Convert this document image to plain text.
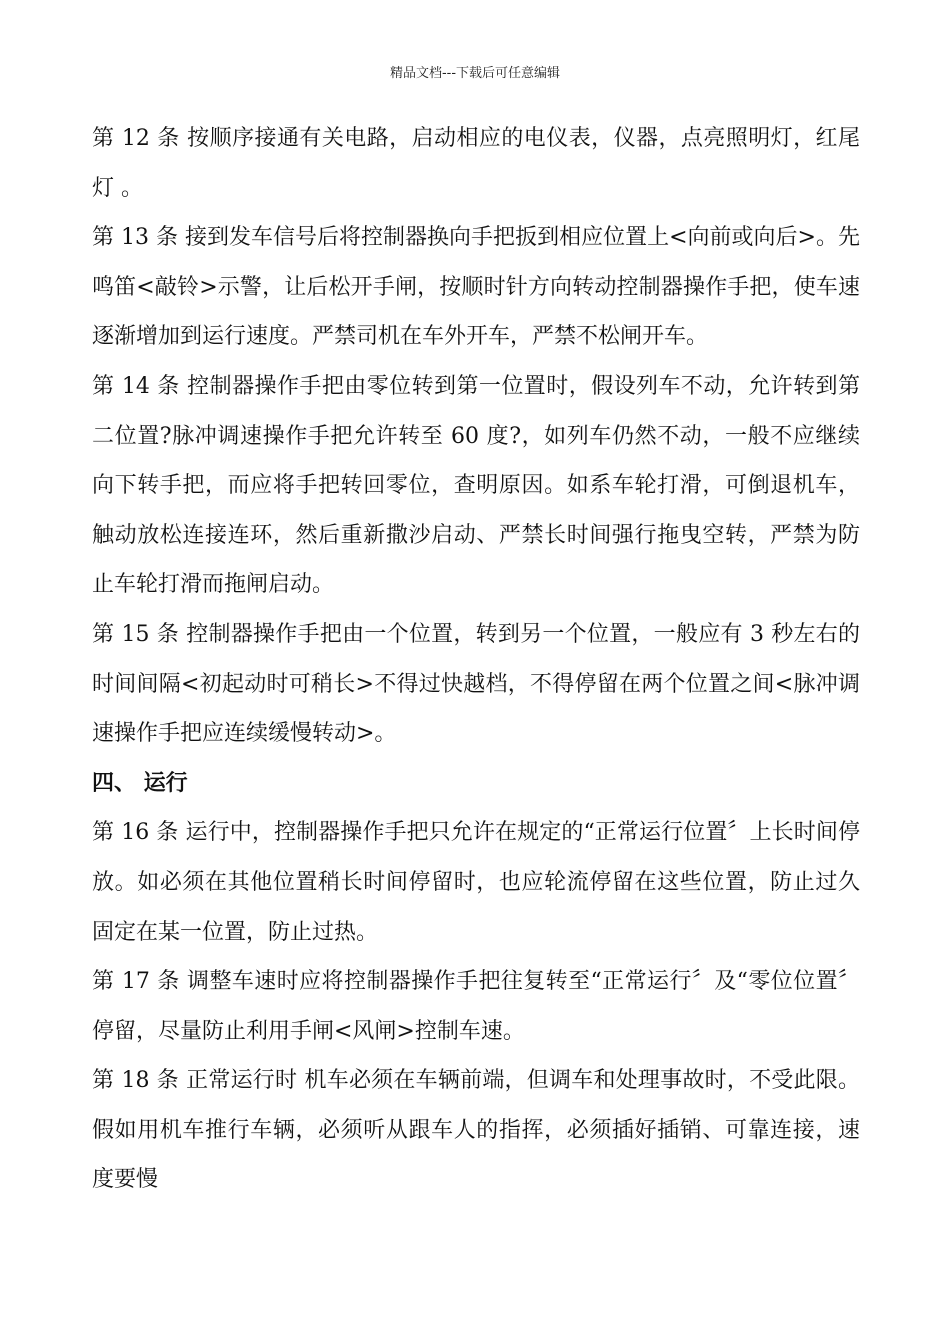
精品文档---下载后可任意编辑

第 12 条 按顺序接通有关电路，启动相应的电仪表，仪器，点亮照明灯，红尾灯 。

第 13 条 接到发车信号后将控制器换向手把扳到相应位置上<向前或向后>。先鸣笛<敲铃>示警，让后松开手闸，按顺时针方向转动控制器操作手把，使车速逐渐增加到运行速度。严禁司机在车外开车，严禁不松闸开车。

第 14 条 控制器操作手把由零位转到第一位置时，假设列车不动，允许转到第二位置?脉冲调速操作手把允许转至 60 度?，如列车仍然不动，一般不应继续向下转手把，而应将手把转回零位，查明原因。如系车轮打滑，可倒退机车，触动放松连接连环，然后重新撒沙启动、严禁长时间强行拖曳空转，严禁为防止车轮打滑而拖闸启动。

第 15 条 控制器操作手把由一个位置，转到另一个位置，一般应有 3 秒左右的时间间隔<初起动时可稍长>不得过快越档，不得停留在两个位置之间<脉冲调速操作手把应连续缓慢转动>。

四、 运行

第 16 条 运行中，控制器操作手把只允许在规定的“正常运行位置〞上长时间停放。如必须在其他位置稍长时间停留时，也应轮流停留在这些位置，防止过久固定在某一位置，防止过热。

第 17 条 调整车速时应将控制器操作手把往复转至“正常运行〞及“零位位置〞停留，尽量防止利用手闸<风闸>控制车速。

第 18 条 正常运行时 机车必须在车辆前端，但调车和处理事故时，不受此限。假如用机车推行车辆，必须听从跟车人的指挥，必须插好插销、可靠连接，速度要慢
